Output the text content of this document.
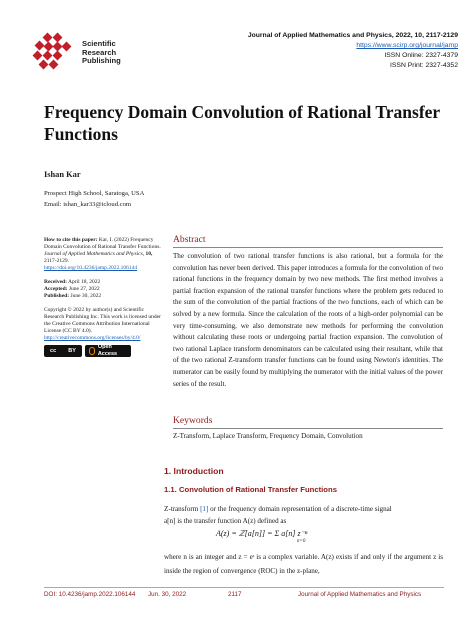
Scientific
Research
Publishing
Journal of Applied Mathematics and Physics, 2022, 10, 2117-2129
https://www.scirp.org/journal/jamp
ISSN Online: 2327-4379
ISSN Print: 2327-4352
Frequency Domain Convolution of Rational Transfer Functions
Ishan Kar
Prospect High School, Saratoga, USA
Email: ishan_kar33@icloud.com
How to cite this paper: Kar, I. (2022) Frequency Domain Convolution of Rational Transfer Functions. Journal of Applied Mathematics and Physics, 10, 2117-2129.
https://doi.org/10.4236/jamp.2022.106144
Received: April 18, 2022
Accepted: June 27, 2022
Published: June 30, 2022
Copyright © 2022 by author(s) and Scientific Research Publishing Inc. This work is licensed under the Creative Commons Attribution International License (CC BY 4.0).
http://creativecommons.org/licenses/by/4.0/
cc BY
Open Access
Abstract
The convolution of two rational transfer functions is also rational, but a formula for the convolution has never been derived. This paper introduces a formula for the convolution of two rational functions in the frequency domain by two new methods. The first method involves a partial fraction expansion of the rational transfer functions where the problem gets reduced to the sum of the convolution of the partial fractions of the two functions, each of which can be solved by a new formula. Since the calculation of the roots of a high-order polynomial can be very time-consuming, we also demonstrate new methods for performing the convolution without calculating these roots or undergoing partial fraction expansion. The convolution of two rational Laplace transform denominators can be calculated using their resultant, while that of the two rational Z-transform transfer functions can be found using Newton's identities. The numerator can be easily found by multiplying the numerator with the initial values of the power series of the result.
Keywords
Z-Transform, Laplace Transform, Frequency Domain, Convolution
1. Introduction
1.1. Convolution of Rational Transfer Functions
Z-transform [1] or the frequency domain representation of a discrete-time signal
a[n] is the transfer function A(z) defined as
A(z) = ℤ[a[n]] = Σ a[n] z⁻ⁿ
n=0
where n is an integer and z = eˢ is a complex variable. A(z) exists if and only if the argument z is inside the region of convergence (ROC) in the z-plane,
DOI: 10.4236/jamp.2022.106144 Jun. 30, 2022	2117	Journal of Applied Mathematics and Physics
